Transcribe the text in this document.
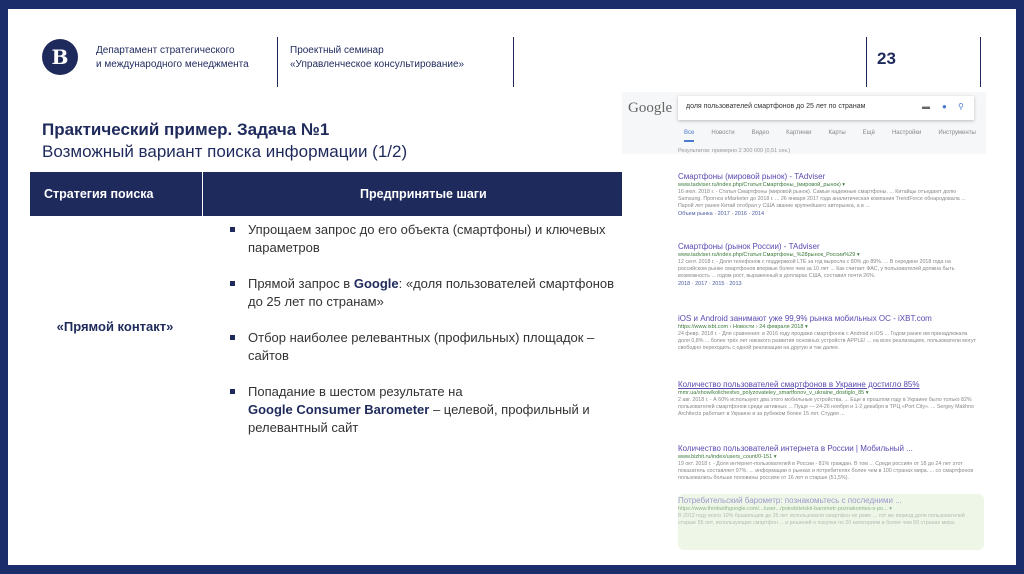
В	Департамент стратегического
и международного менеджмента
Проектный семинар
«Управленческое консультирование»	23
Практический пример. Задача №1
Возможный вариант поиска информации (1/2)
Стратегия поиска	Предпринятые шаги
«Прямой контакт»
Упрощаем запрос до его объекта (смартфоны) и ключевых параметров
Прямой запрос в Google: «доля пользователей смартфонов до 25 лет по странам»
Отбор наиболее релевантных (профильных) площадок – сайтов
Попадание в шестом результате на
Google Consumer Barometer – целевой, профильный и релевантный сайт
Google	доля пользователей смартфонов до 25 лет по странам	▬ ● ⚲
Все	Новости	Видео	Картинки	Карты	Ещё	Настройки	Инструменты
Результатов: примерно 2 300 000 (0,51 сек.)
Смартфоны (мировой рынок) - TAdviser
www.tadviser.ru/index.php/Статья:Смартфоны_(мировой_рынок) ▾
16 июл. 2018 г. - Статья Смартфоны (мировой рынок). Самые надежные смартфоны. ... Китайцы отъедают долю Samsung. Прогноз eMarketer до 2018 г. ... 26 января 2017 года аналитическая компания TrendForce обнародовала ... Парой лет ранее Китай отобрал у США звание крупнейшего авторынка, а в ...
Объем рынка · 2017 · 2016 · 2014
Смартфоны (рынок России) - TAdviser
www.tadviser.ru/index.php/Статья:Смартфоны_%28рынок_России%29 ▾
12 сент. 2018 г. - Доля телефонов с поддержкой LTE за год выросла с 80% до 89%. ... В середине 2018 года на российском рынке смартфонов впервые более чем за 10 лет ... Как считает ФАС, у пользователей должна быть возможность ... годом рост, выраженный в долларах США, составил почти 26%.
2018 · 2017 · 2015 · 2013
iOS и Android занимают уже 99,9% рынка мобильных ОС - iXBT.com
https://www.ixbt.com › Новости › 24 февраля 2018 ▾
24 февр. 2018 г. - Для сравнения: в 2016 году продажи смартфонов с Android и iOS ... Годом ранее им принадлежала доля 0,8% ... более трёх лет никакого развития основных устройств APPLE! ... на всех реализациях, пользователи могут свободно переходить с одной реализации на другую и так далее.
Количество пользователей смартфонов в Украине достигло 85%
mmr.ua/show/kolichestvo_polyzovateley_smartfonov_v_ukraine_dostiglo_85 ▾
2 авг. 2018 г. - А 60% используют два этого мобильные устройства. ... Еще в прошлом году в Украине было только 82% пользователей смартфонов среди активных ... Пуще — 24-26 ноября и 1-2 декабря в ТРЦ «Port City». ... Sergey Makhno Architects работает в Украине и за рубежом более 15 лет. Студия ...
Количество пользователей интернета в России | Мобильный ...
www.bizhit.ru/index/users_count/0-151 ▾
19 окт. 2018 г. - Доля интернет-пользователей в России - 81% граждан. В том ... Среди россиян от 18 до 24 лет этот показатель составляет 97%. ... информации о рынках и потребителях более чем в 100 странах мира. ... со смартфонов пользовались больше половины россиян от 16 лет и старше (51,5%).
Потребительский барометр: познакомьтесь с последними ...
https://www.thinkwithgoogle.com/.../user.../potrebitelskii-barometr-poznakomtes-s-po... ▾
В 2012 году всего 10% бразильцев до 25 лет использовали смартфон не реже ... тот же период доля пользователей старше 55 лет, использующих смартфон ... и решений о покупке по 20 категориям в более чем 50 странах мира.
